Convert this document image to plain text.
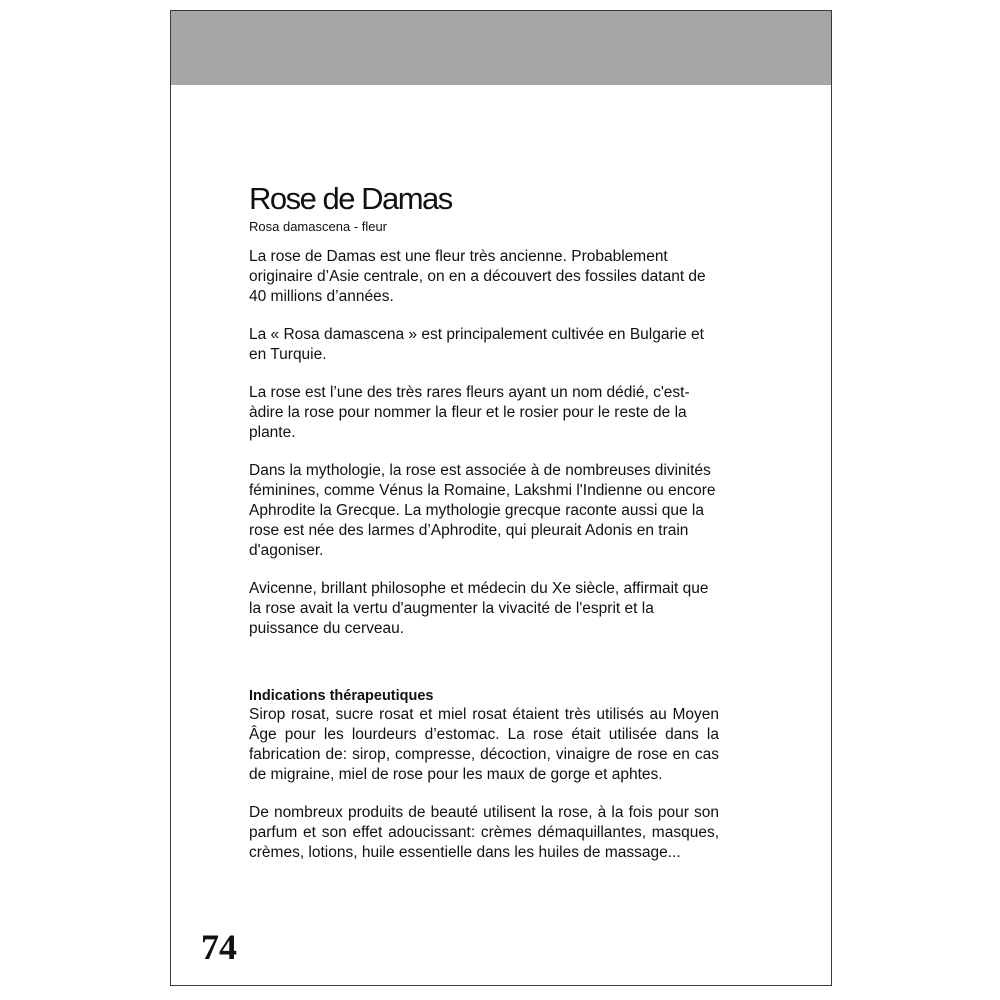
Rose de Damas

Rosa damascena - fleur

La rose de Damas est une fleur très ancienne. Probablement originaire d’Asie centrale, on en a découvert des fossiles datant de 40 millions d’années.

La « Rosa damascena » est principalement cultivée en Bulgarie et en Turquie.

La rose est l’une des très rares fleurs ayant un nom dédié, c'est-àdire la rose pour nommer la fleur et le rosier pour le reste de la plante.

Dans la mythologie, la rose est associée à de nombreuses divinités féminines, comme Vénus la Romaine, Lakshmi l'Indienne ou encore Aphrodite la Grecque. La mythologie grecque raconte aussi que la rose est née des larmes d’Aphrodite, qui pleurait Adonis en train d'agoniser.

Avicenne, brillant philosophe et médecin du Xe siècle, affirmait que la rose avait la vertu d'augmenter la vivacité de l'esprit et la puissance du cerveau.

Indications thérapeutiques

Sirop rosat, sucre rosat et miel rosat étaient très utilisés au Moyen Âge pour les lourdeurs d’estomac. La rose était utilisée dans la fabrication de: sirop, compresse, décoction, vinaigre de rose en cas de migraine, miel de rose pour les maux de gorge et aphtes.

De nombreux produits de beauté utilisent la rose, à la fois pour son parfum et son effet adoucissant: crèmes démaquillantes, masques, crèmes, lotions, huile essentielle dans les huiles de massage...

74
